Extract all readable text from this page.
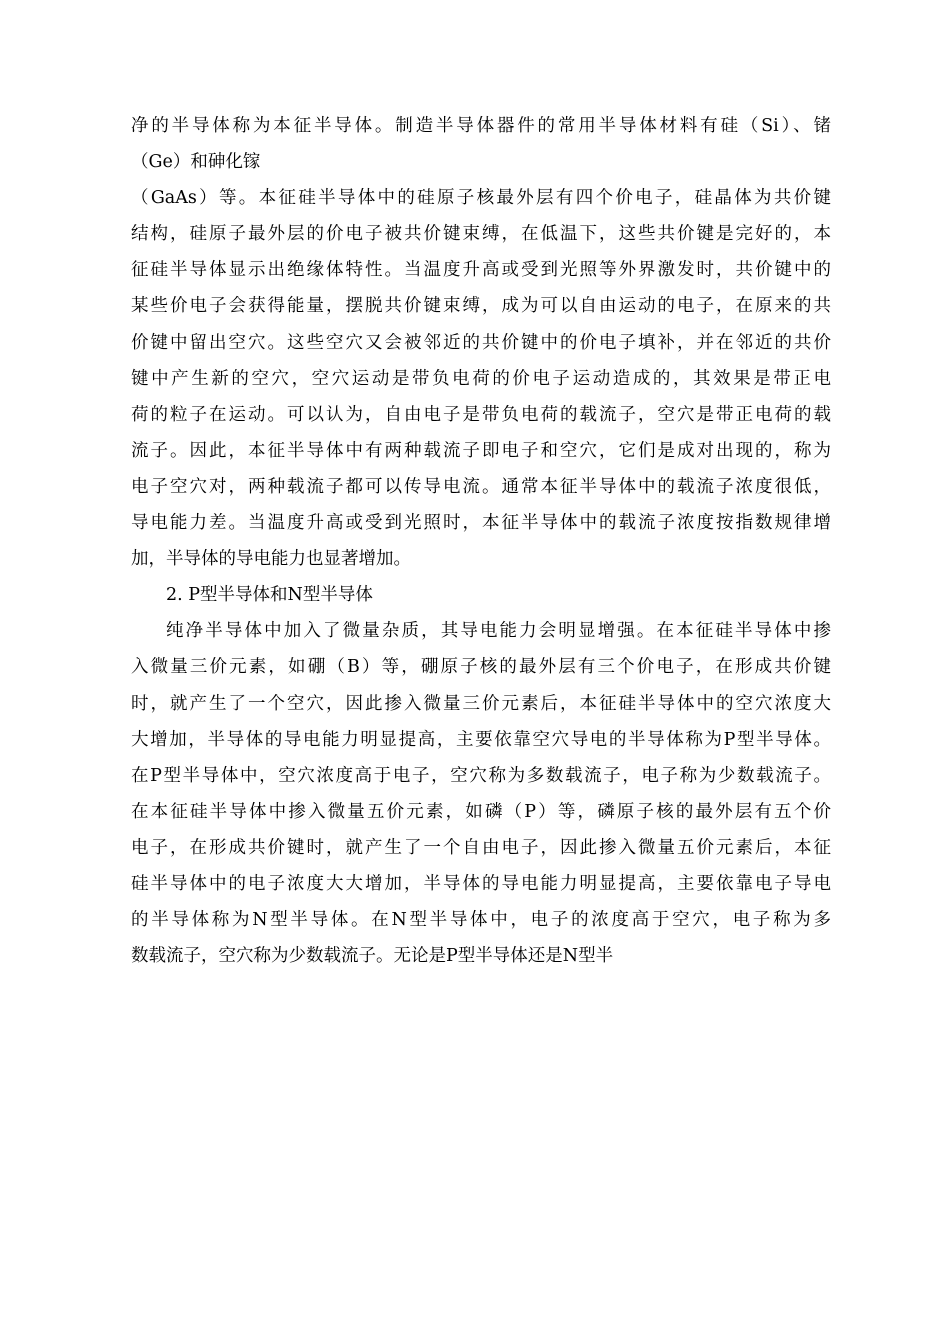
净的半导体称为本征半导体。制造半导体器件的常用半导体材料有硅（Si）、锗
（Ge）和砷化镓
（GaAs）等。本征硅半导体中的硅原子核最外层有四个价电子，硅晶体为共价键
结构，硅原子最外层的价电子被共价键束缚，在低温下，这些共价键是完好的，本
征硅半导体显示出绝缘体特性。当温度升高或受到光照等外界激发时，共价键中的
某些价电子会获得能量，摆脱共价键束缚，成为可以自由运动的电子，在原来的共
价键中留出空穴。这些空穴又会被邻近的共价键中的价电子填补，并在邻近的共价
键中产生新的空穴，空穴运动是带负电荷的价电子运动造成的，其效果是带正电
荷的粒子在运动。可以认为，自由电子是带负电荷的载流子，空穴是带正电荷的载
流子。因此，本征半导体中有两种载流子即电子和空穴，它们是成对出现的，称为
电子空穴对，两种载流子都可以传导电流。通常本征半导体中的载流子浓度很低，
导电能力差。当温度升高或受到光照时，本征半导体中的载流子浓度按指数规律增
加，半导体的导电能力也显著增加。
2. P型半导体和N型半导体
纯净半导体中加入了微量杂质，其导电能力会明显增强。在本征硅半导体中掺
入微量三价元素，如硼（B）等，硼原子核的最外层有三个价电子，在形成共价键
时，就产生了一个空穴，因此掺入微量三价元素后，本征硅半导体中的空穴浓度大
大增加，半导体的导电能力明显提高，主要依靠空穴导电的半导体称为P型半导体。
在P型半导体中，空穴浓度高于电子，空穴称为多数载流子，电子称为少数载流子。
在本征硅半导体中掺入微量五价元素，如磷（P）等，磷原子核的最外层有五个价
电子，在形成共价键时，就产生了一个自由电子，因此掺入微量五价元素后，本征
硅半导体中的电子浓度大大增加，半导体的导电能力明显提高，主要依靠电子导电
的半导体称为N型半导体。在N型半导体中，电子的浓度高于空穴，电子称为多
数载流子，空穴称为少数载流子。无论是P型半导体还是N型半
